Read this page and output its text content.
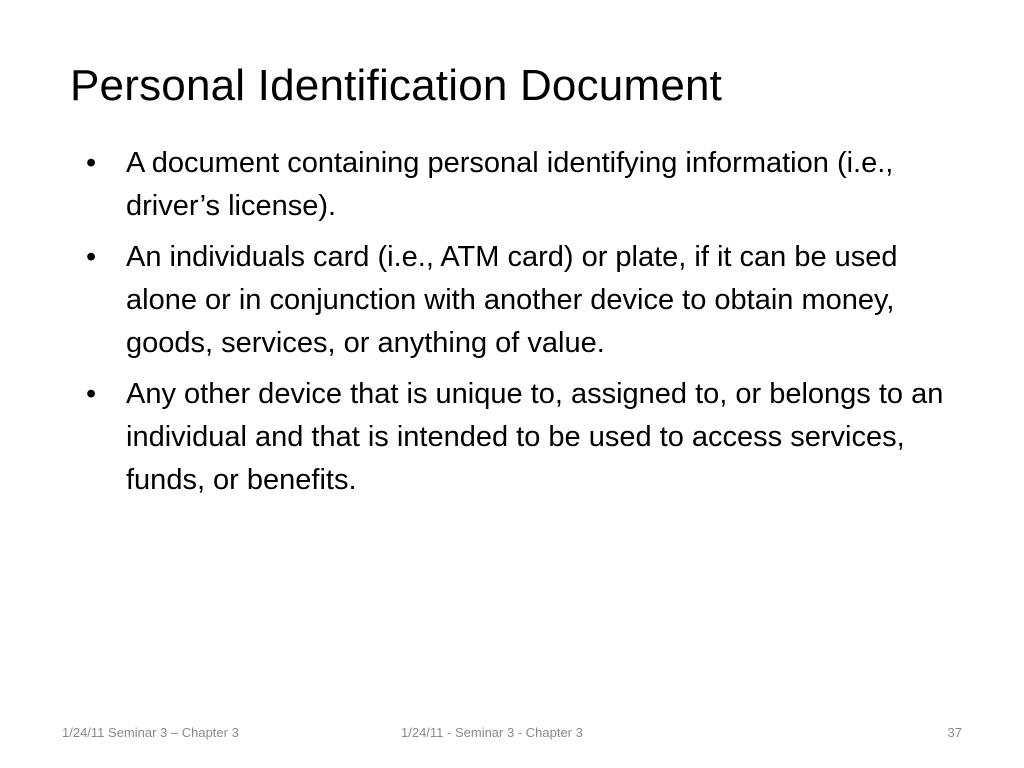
Personal Identification Document
• A document containing personal identifying information (i.e., driver’s license).
• An individuals card (i.e., ATM card) or plate, if it can be used alone or in conjunction with another device to obtain money, goods, services, or anything of value.
• Any other device that is unique to, assigned to, or belongs to an individual and that is intended to be used to access services, funds, or benefits.
1/24/11 Seminar 3 – Chapter 3	1/24/11 - Seminar 3 - Chapter 3	37
